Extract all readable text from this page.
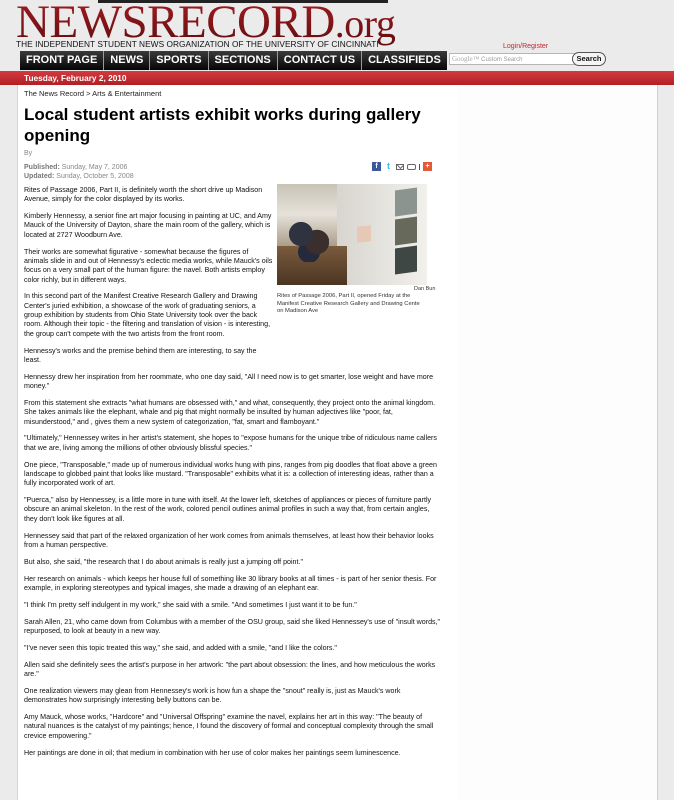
NEWSRECORD.org
THE INDEPENDENT STUDENT NEWS ORGANIZATION OF THE UNIVERSITY OF CINCINNATI
FRONT PAGE	NEWS	SPORTS	SECTIONS	CONTACT US	CLASSIFIEDS
Login/Register
Google™ Custom Search	Search
Tuesday, February 2, 2010
The News Record > Arts & Entertainment
Local student artists exhibit works during gallery opening
By
Published: Sunday, May 7, 2006
Updated: Sunday, October 5, 2008
f	t	+
Dan Bun
Rites of Passage 2006, Part II, opened Friday at the
Manifest Creative Research Gallery and Drawing Cente
on Madison Ave

Rites of Passage 2006, Part II, is definitely worth the short drive up Madison Avenue, simply for the color displayed by its works.

Kimberly Hennessy, a senior fine art major focusing in painting at UC, and Amy Mauck of the University of Dayton, share the main room of the gallery, which is located at 2727 Woodburn Ave.

Their works are somewhat figurative - somewhat because the figures of animals slide in and out of Hennessy's eclectic media works, while Mauck's oils focus on a very small part of the human figure: the navel. Both artists employ color richly, but in different ways.

In this second part of the Manifest Creative Research Gallery and Drawing Center's juried exhibition, a showcase of the work of graduating seniors, a group exhibition by students from Ohio State University took over the back room. Although their topic - the filtering and translation of vision - is interesting, the group can't compete with the two artists from the front room.

Hennessy's works and the premise behind them are interesting, to say the least.

Hennessy drew her inspiration from her roommate, who one day said, "All I need now is to get smarter, lose weight and have more money."

From this statement she extracts "what humans are obsessed with," and what, consequently, they project onto the animal kingdom. She takes animals like the elephant, whale and pig that might normally be insulted by human adjectives like "poor, fat, misunderstood," and , gives them a new system of categorization, "fat, smart and flamboyant."

"Ultimately," Hennessey writes in her artist's statement, she hopes to "expose humans for the unique tribe of ridiculous name callers that we are, living among the millions of other obviously blissful species."

One piece, "Transposable," made up of numerous individual works hung with pins, ranges from pig doodles that float above a green landscape to globbed paint that looks like mustard. "Transposable" exhibits what it is: a collection of interesting ideas, rather than a fully incorporated work of art.

"Puerca," also by Hennessey, is a little more in tune with itself. At the lower left, sketches of appliances or pieces of furniture partly obscure an animal skeleton. In the rest of the work, colored pencil outlines animal profiles in such a way that, from certain angles, they don't look like figures at all.

Hennessey said that part of the relaxed organization of her work comes from animals themselves, at least how their behavior looks from a human perspective.

But also, she said, "the research that I do about animals is really just a jumping off point."

Her research on animals - which keeps her house full of something like 30 library books at all times - is part of her senior thesis. For example, in exploring stereotypes and typical images, she made a drawing of an elephant ear.

"I think I'm pretty self indulgent in my work," she said with a smile. "And sometimes I just want it to be fun."

Sarah Allen, 21, who came down from Columbus with a member of the OSU group, said she liked Hennessey's use of "insult words," repurposed, to look at beauty in a new way.

"I've never seen this topic treated this way," she said, and added with a smile, "and I like the colors."

Allen said she definitely sees the artist's purpose in her artwork: "the part about obsession: the lines, and how meticulous the works are."

One realization viewers may glean from Hennessey's work is how fun a shape the "snout" really is, just as Mauck's work demonstrates how surprisingly interesting belly buttons can be.

Amy Mauck, whose works, "Hardcore" and "Universal Offspring" examine the navel, explains her art in this way: "The beauty of natural nuances is the catalyst of my paintings; hence, I found the discovery of formal and conceptual complexity through the small crevice empowering."

Her paintings are done in oil; that medium in combination with her use of color makes her paintings seem luminescence.
